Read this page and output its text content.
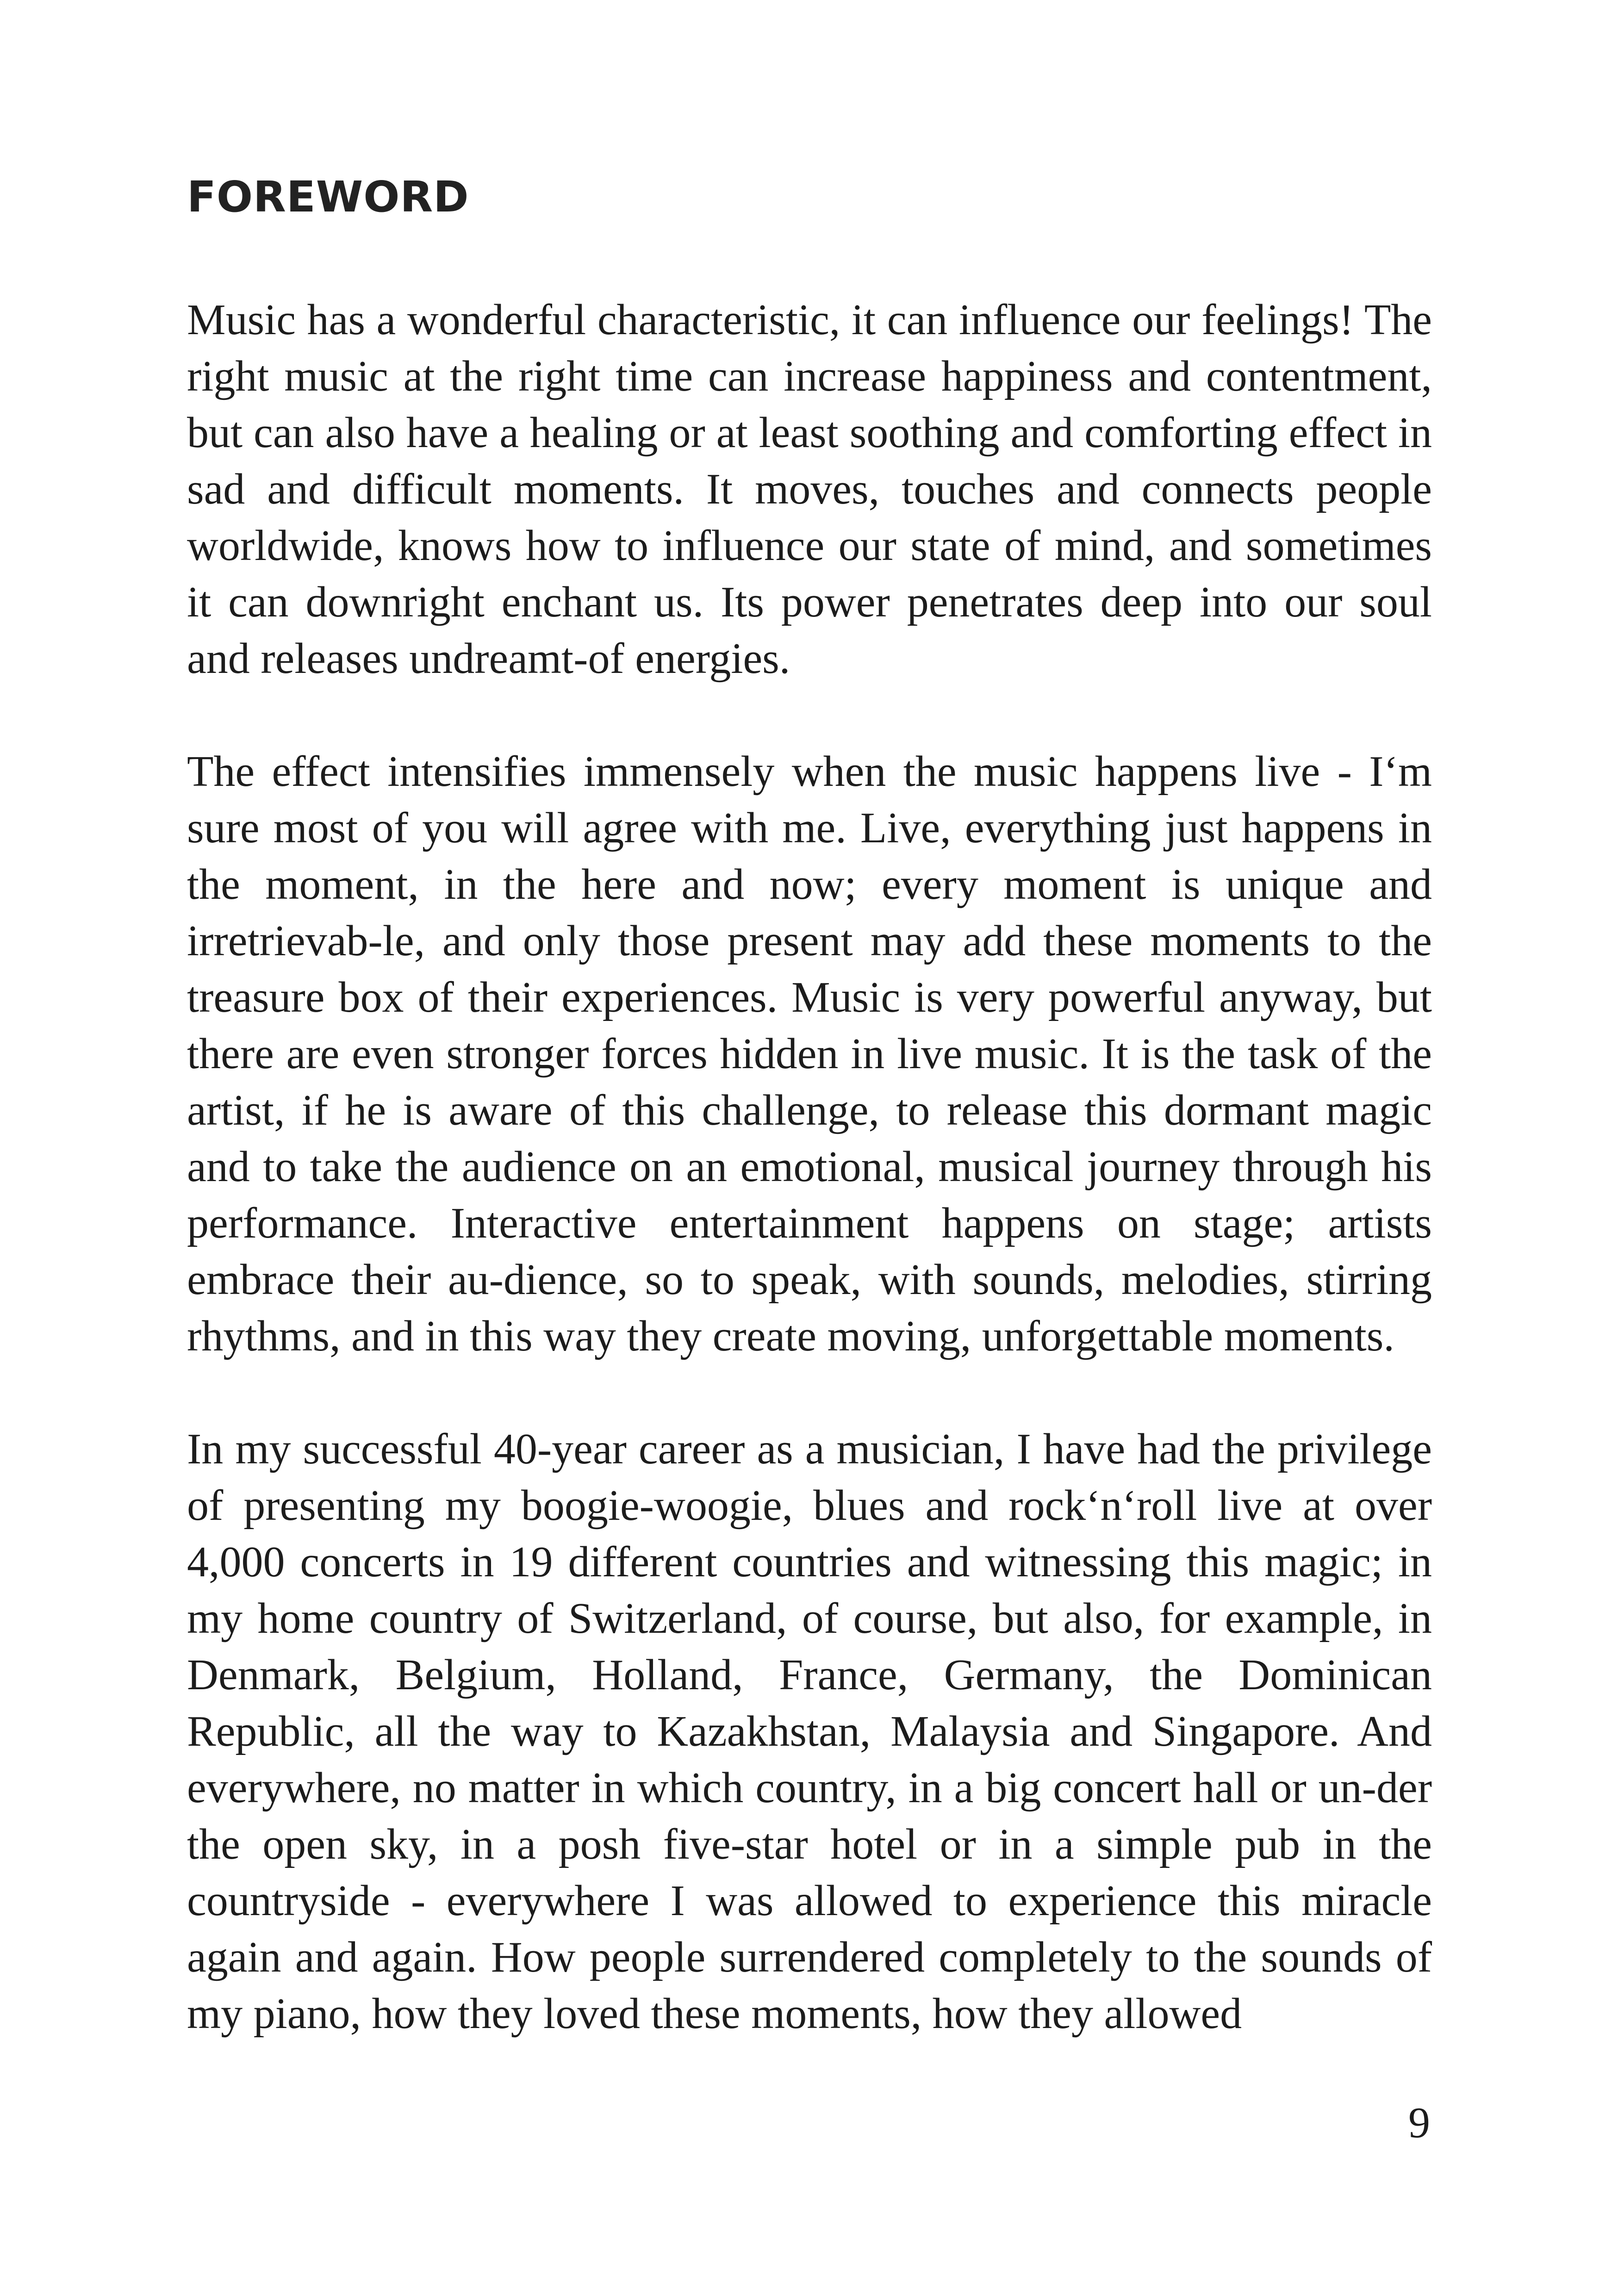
FOREWORD

Music has a wonderful characteristic, it can influence our feelings! The right music at the right time can increase happiness and contentment, but can also have a healing or at least soothing and comforting effect in sad and difficult moments. It moves, touches and connects people worldwide, knows how to influence our state of mind, and sometimes it can downright enchant us. Its power penetrates deep into our soul and releases undreamt-of energies.

The effect intensifies immensely when the music happens live - I‘m sure most of you will agree with me. Live, everything just happens in the moment, in the here and now; every moment is unique and irretrievab-le, and only those present may add these moments to the treasure box of their experiences. Music is very powerful anyway, but there are even stronger forces hidden in live music. It is the task of the artist, if he is aware of this challenge, to release this dormant magic and to take the audience on an emotional, musical journey through his performance. Interactive entertainment happens on stage; artists embrace their au-dience, so to speak, with sounds, melodies, stirring rhythms, and in this way they create moving, unforgettable moments.

In my successful 40-year career as a musician, I have had the privilege of presenting my boogie-woogie, blues and rock‘n‘roll live at over 4,000 concerts in 19 different countries and witnessing this magic; in my home country of Switzerland, of course, but also, for example, in Denmark, Belgium, Holland, France, Germany, the Dominican Republic, all the way to Kazakhstan, Malaysia and Singapore. And everywhere, no matter in which country, in a big concert hall or un-der the open sky, in a posh five-star hotel or in a simple pub in the countryside - everywhere I was allowed to experience this miracle again and again. How people surrendered completely to the sounds of my piano, how they loved these moments, how they allowed

9
